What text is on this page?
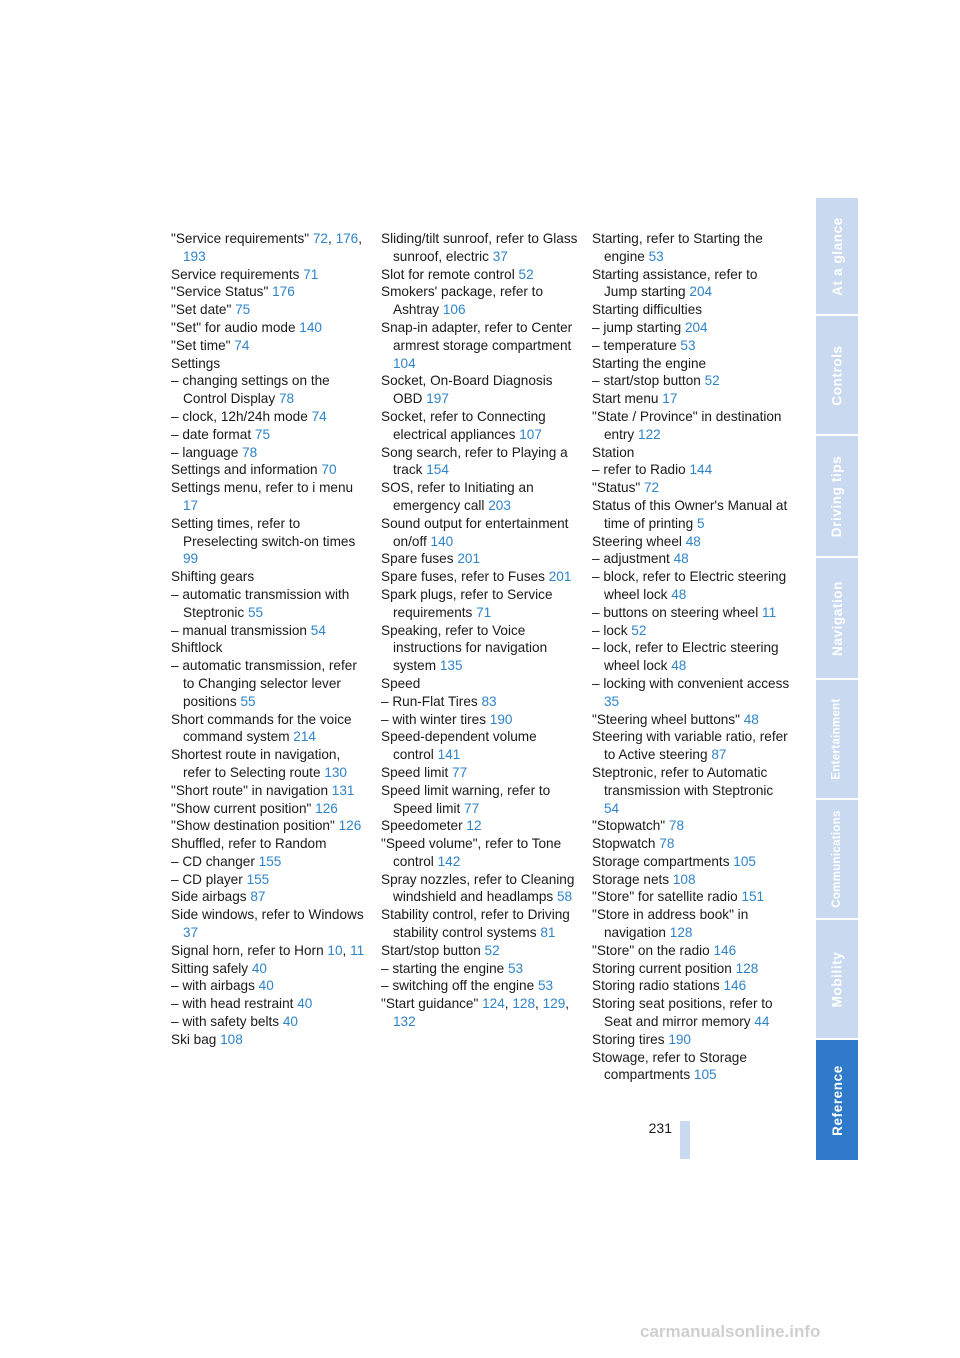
"Service requirements" 72 , 176, 193
Service requirements 71
"Service Status" 176
"Set date" 75
"Set" for audio mode 140
"Set time" 74
Settings
– changing settings on the Control Display 78
– clock, 12h/24h mode 74
– date format 75
– language 78
Settings and information 70
Settings menu, refer to i menu17
Setting times, refer to Preselecting switch-on times99
Shifting gears
– automatic transmission with Steptronic 55
– manual transmission 54
Shiftlock
– automatic transmission, refer to Changing selector lever positions 55
Short commands for the voice command system 214
Shortest route in navigation, refer to Selecting route 130
"Short route" in navigation 131
"Show current position" 126
"Show destination position" 126
Shuffled, refer to Random
– CD changer 155
– CD player 155
Side airbags 87
Side windows, refer to Windows37
Signal horn, refer to Horn 10 , 11
Sitting safely 40
– with airbags 40
– with head restraint 40
– with safety belts 40
Ski bag 108
Sliding/tilt sunroof, refer to Glass sunroof, electric 37
Slot for remote control 52
Smokers' package, refer to Ashtray 106
Snap-in adapter, refer to Center armrest storage compartment104
Socket, On-Board Diagnosis OBD 197
Socket, refer to Connecting electrical appliances 107
Song search, refer to Playing a track 154
SOS, refer to Initiating an emergency call 203
Sound output for entertainment on/off 140
Spare fuses 201
Spare fuses, refer to Fuses 201
Spark plugs, refer to Service requirements 71
Speaking, refer to Voice instructions for navigation system 135
Speed
– Run-Flat Tires 83
– with winter tires 190
Speed-dependent volume control 141
Speed limit 77
Speed limit warning, refer to Speed limit 77
Speedometer 12
"Speed volume", refer to Tone control 142
Spray nozzles, refer to Cleaning windshield and headlamps 58
Stability control, refer to Driving stability control systems 81
Start/stop button 52
– starting the engine 53
– switching off the engine 53
"Start guidance" 124 , 128 , 129, 132
Starting, refer to Starting the engine 53
Starting assistance, refer to Jump starting 204
Starting difficulties
– jump starting 204
– temperature 53
Starting the engine
– start/stop button 52
Start menu 17
"State / Province" in destination entry 122
Station
– refer to Radio 144
"Status" 72
Status of this Owner's Manual at time of printing 5
Steering wheel 48
– adjustment 48
– block, refer to Electric steering wheel lock 48
– buttons on steering wheel 11
– lock 52
– lock, refer to Electric steering wheel lock 48
– locking with convenient access35
"Steering wheel buttons" 48
Steering with variable ratio, refer to Active steering 87
Steptronic, refer to Automatic transmission with Steptronic54
"Stopwatch" 78
Stopwatch 78
Storage compartments 105
Storage nets 108
"Store" for satellite radio 151
"Store in address book" in navigation 128
"Store" on the radio 146
Storing current position 128
Storing radio stations 146
Storing seat positions, refer to Seat and mirror memory 44
Storing tires 190
Stowage, refer to Storage compartments 105
231
At a glance
Controls
Driving tips
Navigation
Entertainment
Communications
Mobility
Reference
carmanualsonline.info
